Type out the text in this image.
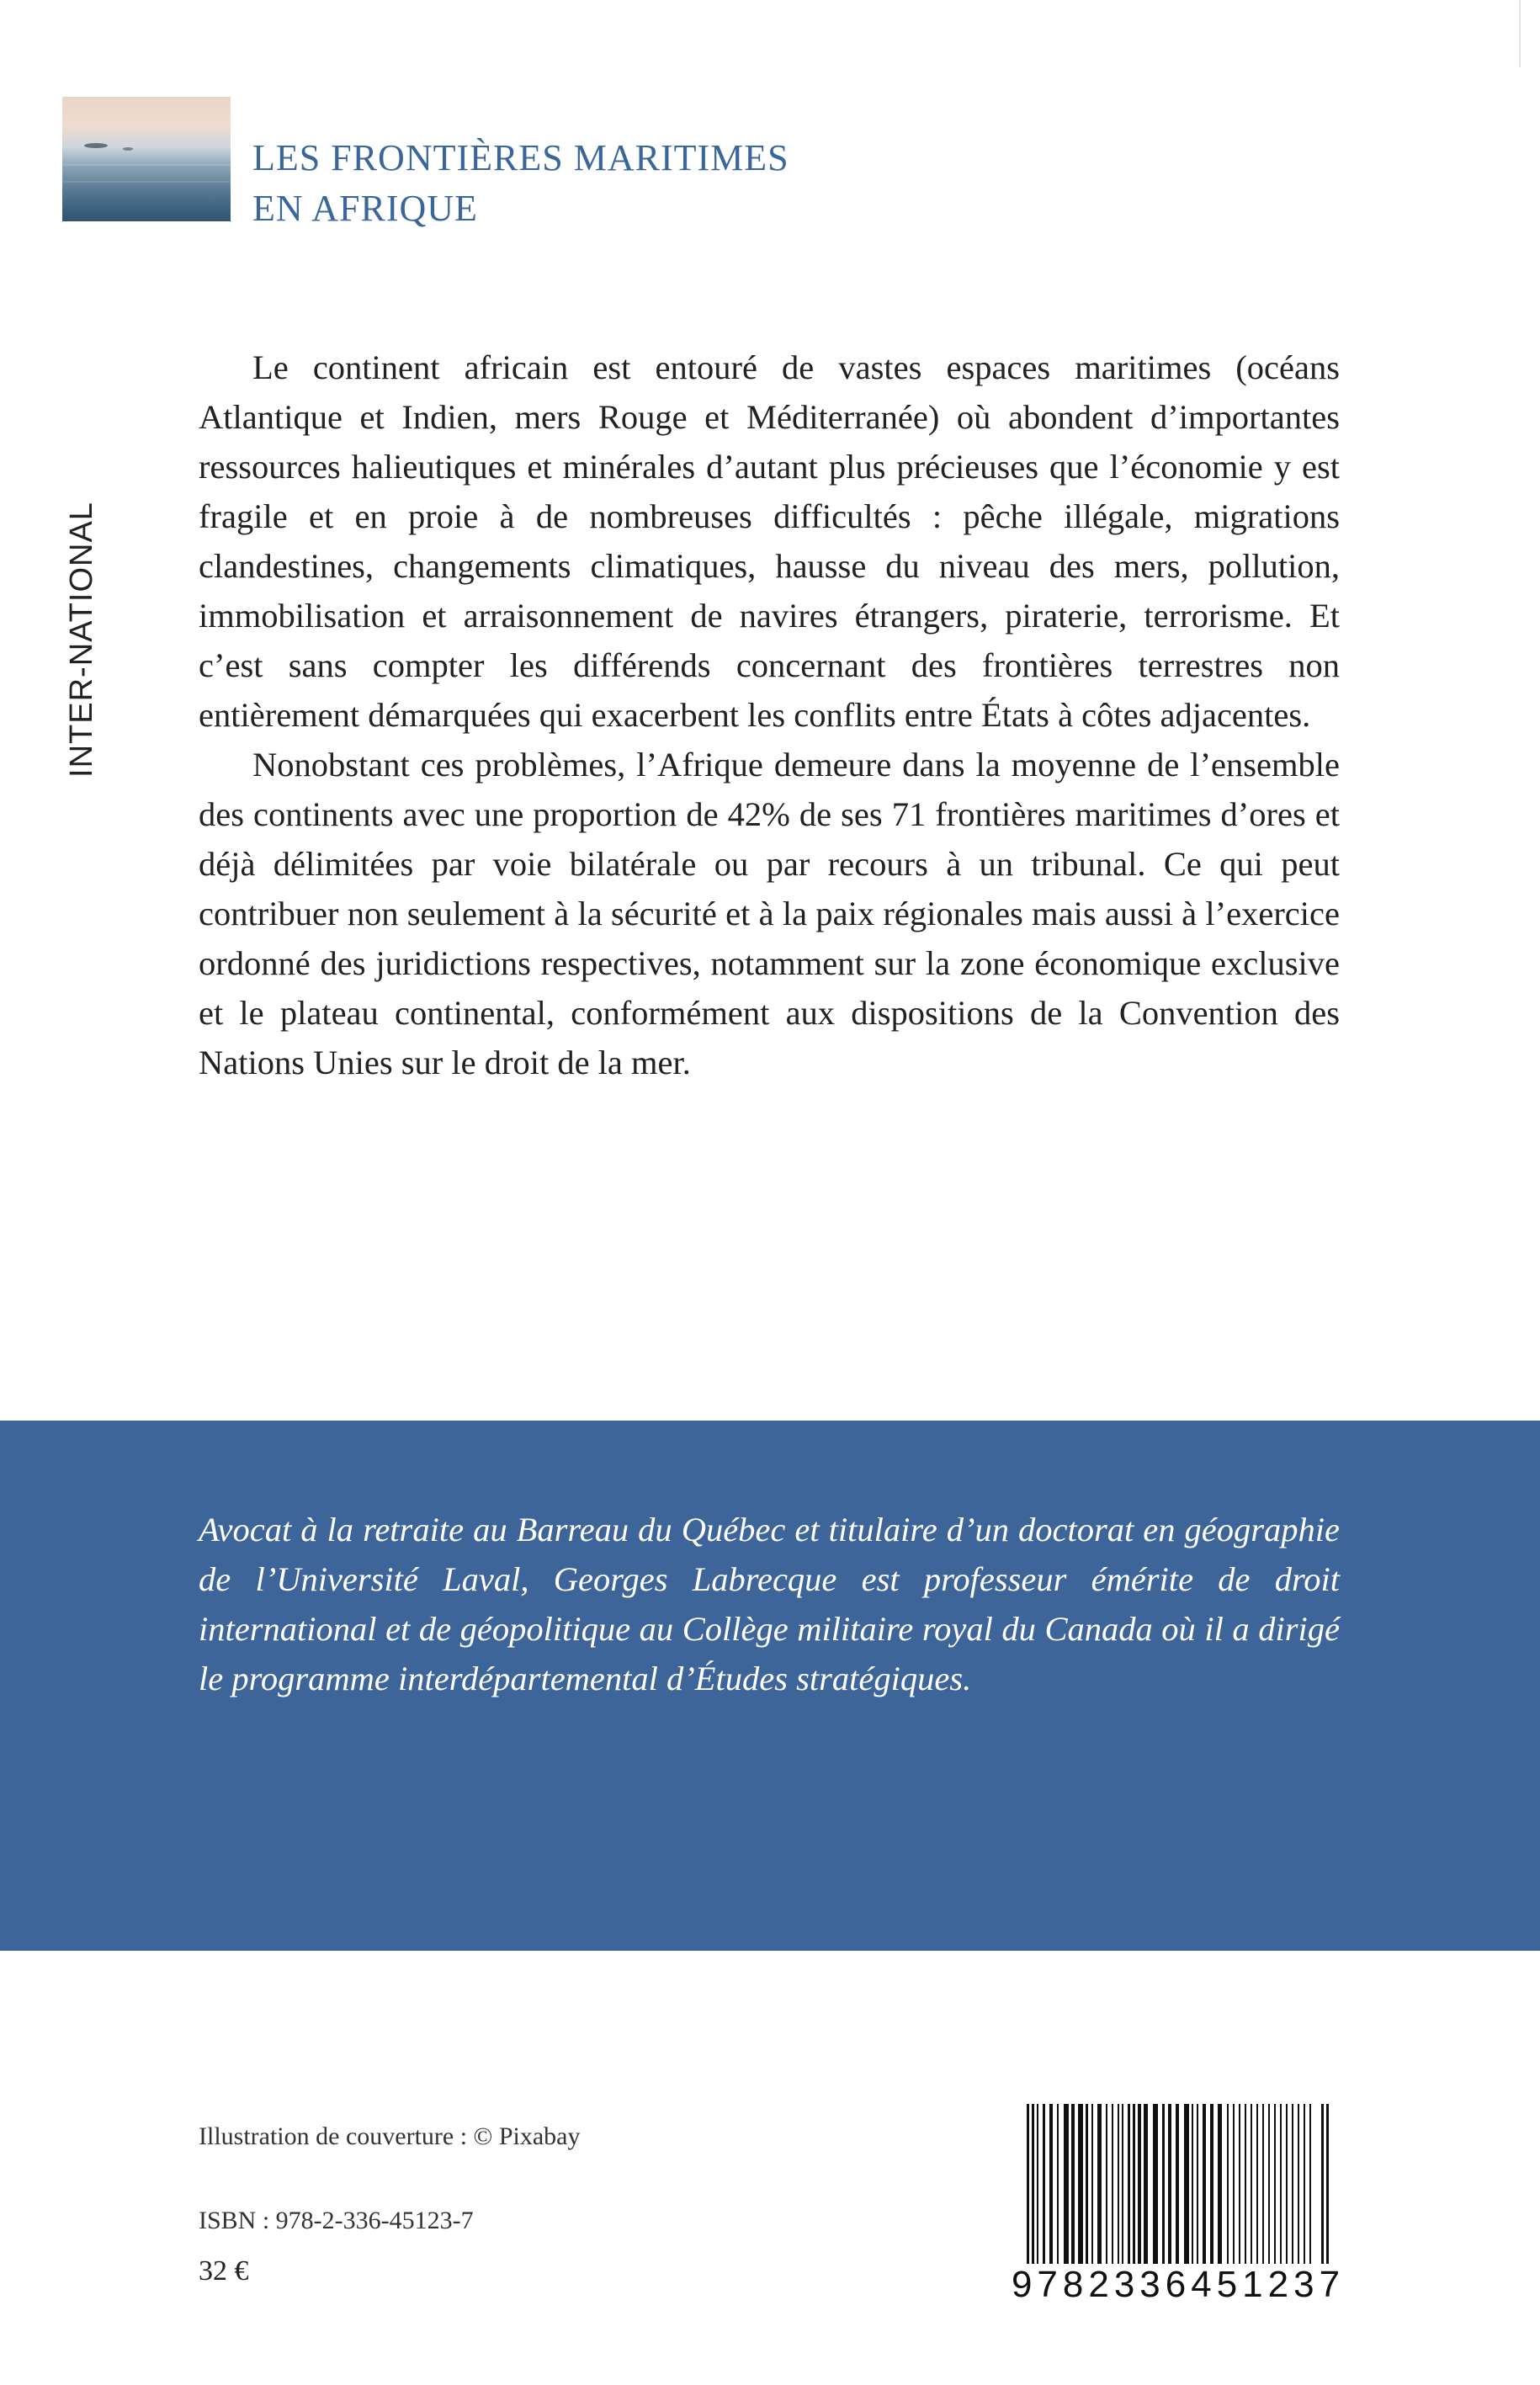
LES FRONTIÈRES MARITIMES
EN AFRIQUE
INTER-NATIONAL

Le continent africain est entouré de vastes espaces maritimes (océans Atlantique et Indien, mers Rouge et Méditerranée) où abondent d’importantes ressources halieutiques et minérales d’autant plus précieuses que l’économie y est fragile et en proie à de nombreuses difficultés : pêche illégale, migrations clandestines, changements climatiques, hausse du niveau des mers, pollution, immobilisation et arraisonnement de navires étrangers, piraterie, terrorisme. Et c’est sans compter les différends concernant des frontières terrestres non entièrement démarquées qui exacerbent les conflits entre États à côtes adjacentes.

Nonobstant ces problèmes, l’Afrique demeure dans la moyenne de l’ensemble des continents avec une proportion de 42% de ses 71 frontières maritimes d’ores et déjà délimitées par voie bilatérale ou par recours à un tribunal. Ce qui peut contribuer non seulement à la sécurité et à la paix régionales mais aussi à l’exercice ordonné des juridictions respectives, notamment sur la zone économique exclusive et le plateau continental, conformément aux dispositions de la Convention des Nations Unies sur le droit de la mer.

Avocat à la retraite au Barreau du Québec et titulaire d’un doctorat en géographie de l’Université Laval, Georges Labrecque est professeur émérite de droit international et de géopolitique au Collège militaire royal du Canada où il a dirigé le programme interdépartemental d’Études stratégiques.

Illustration de couverture : © Pixabay
ISBN : 978-2-336-45123-7
32 €	9782336451237
